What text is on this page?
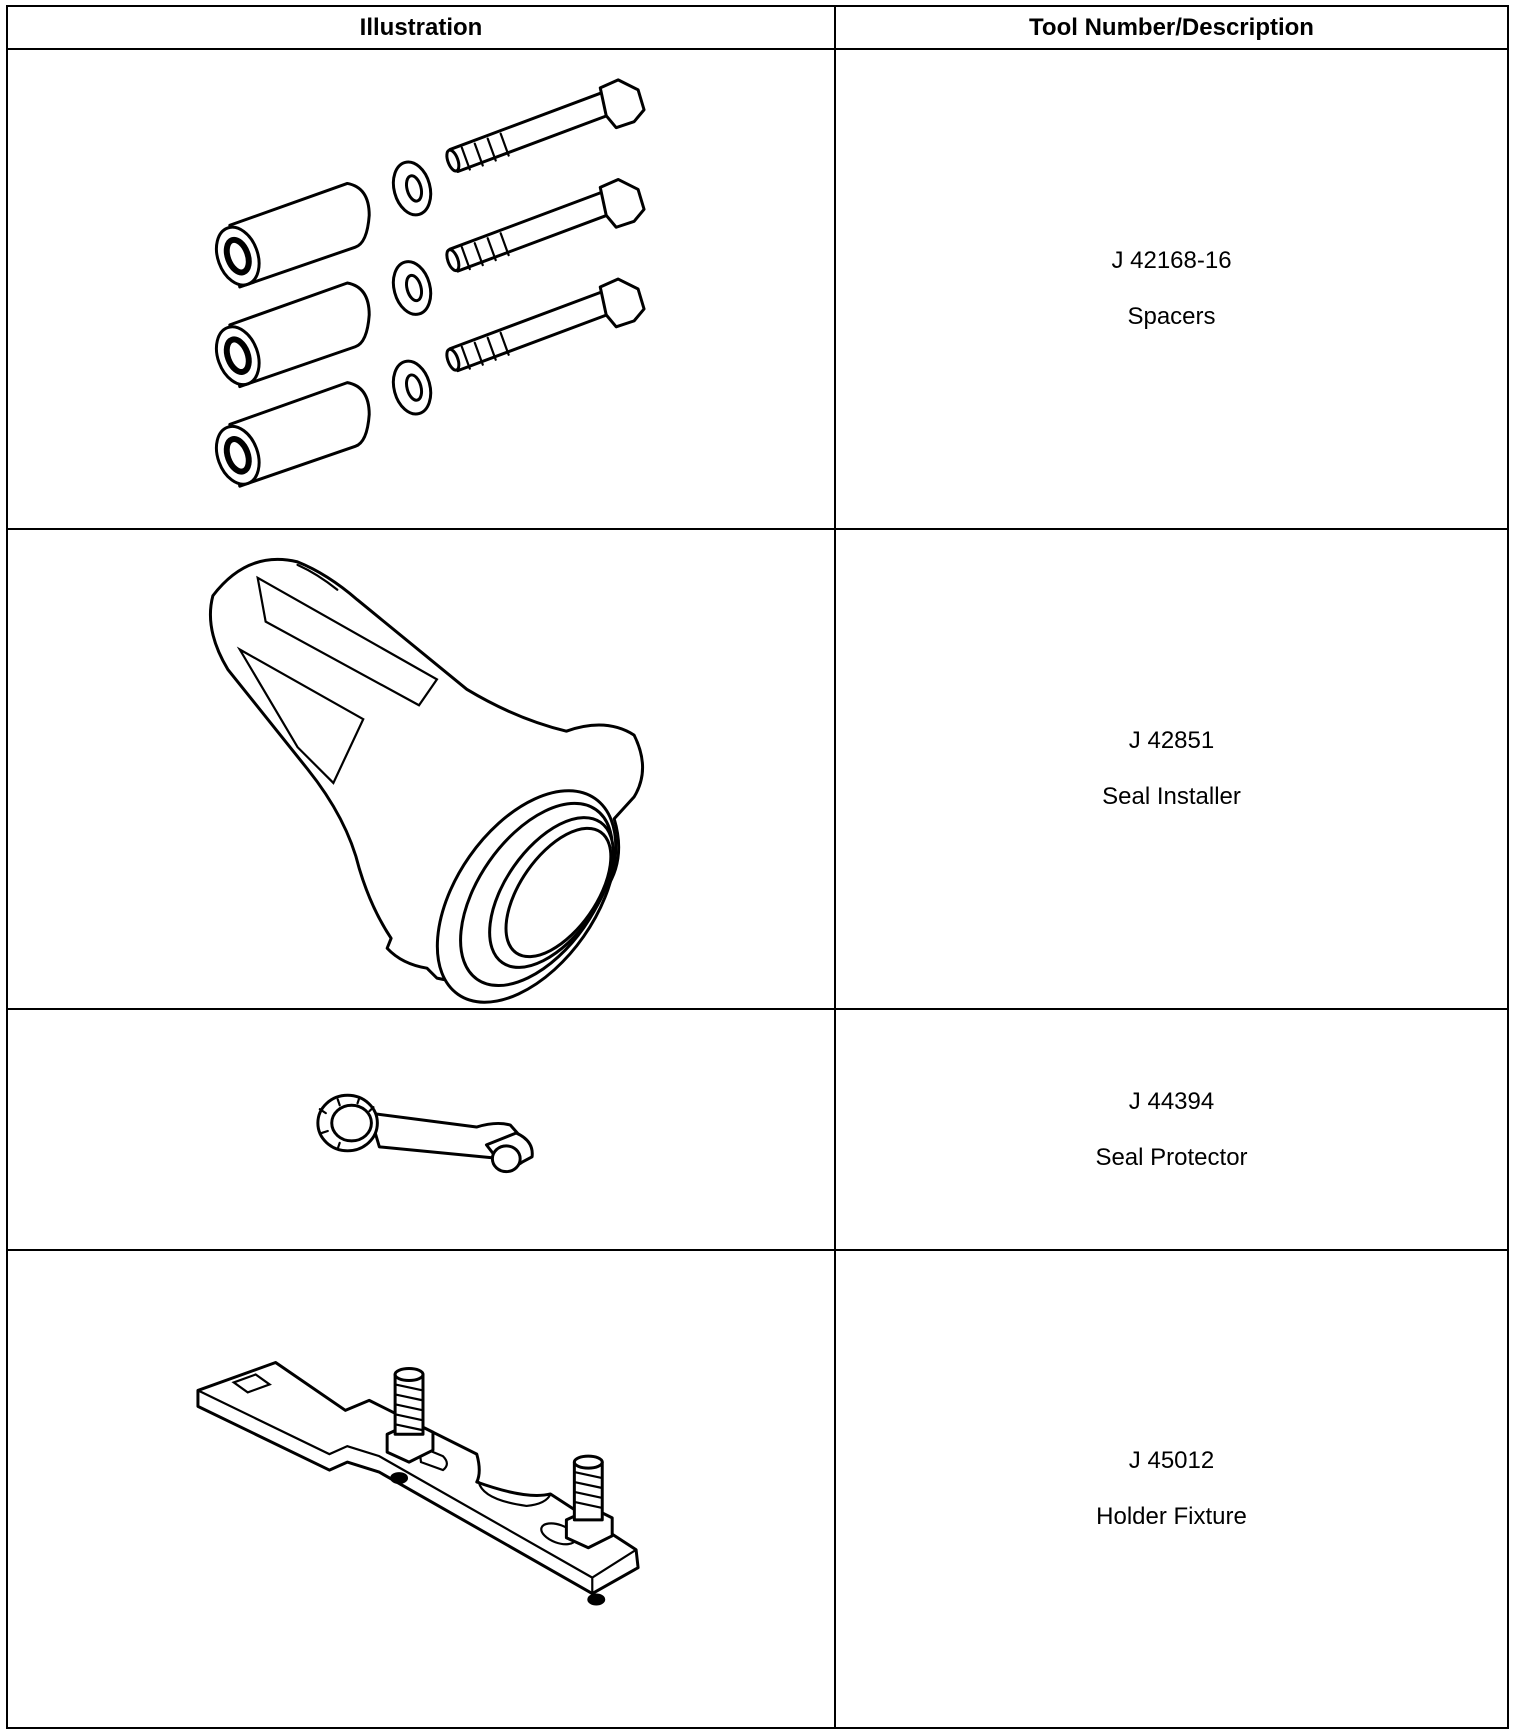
Illustration	Tool Number/Description

J 42168-16
Spacers

J 42851
Seal Installer

J 44394
Seal Protector

J 45012
Holder Fixture
